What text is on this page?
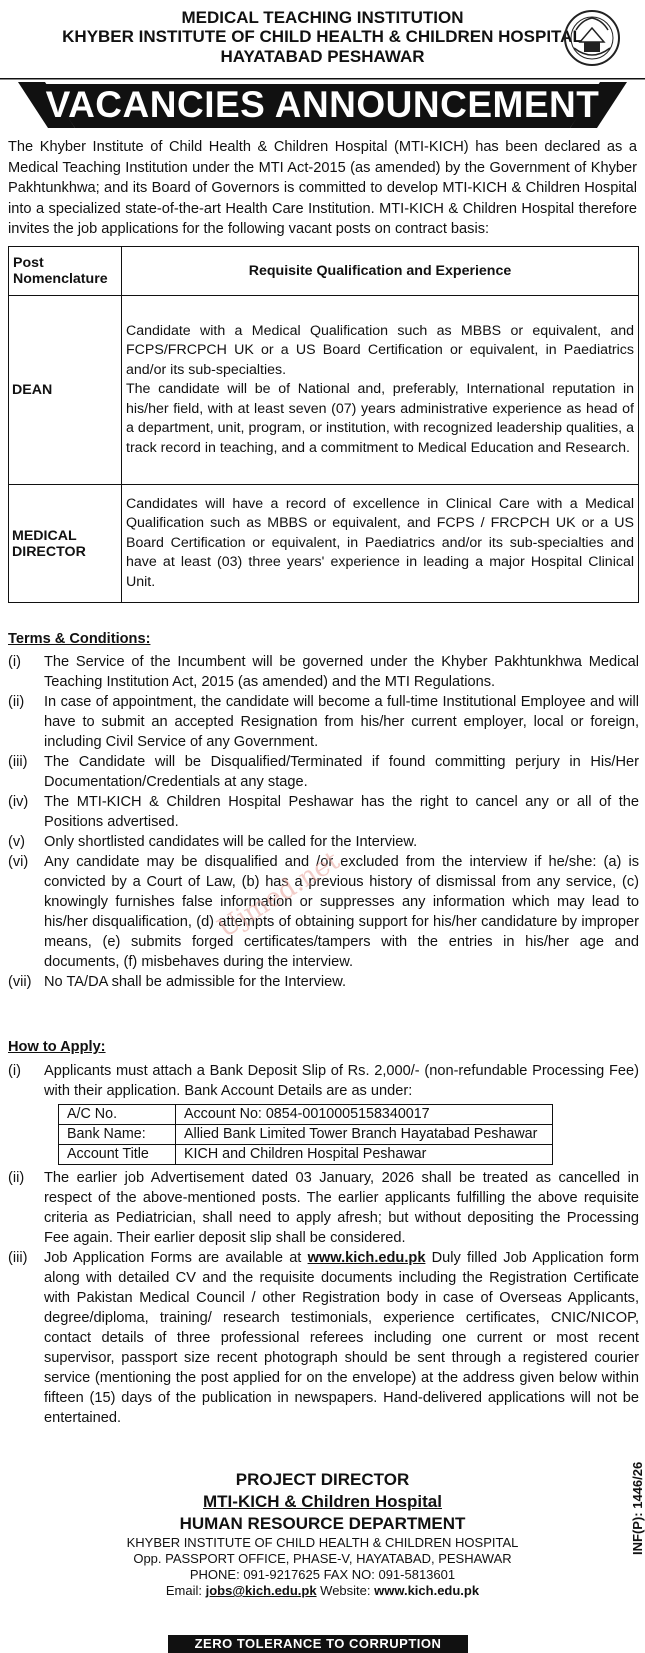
MEDICAL TEACHING INSTITUTION
KHYBER INSTITUTE OF CHILD HEALTH & CHILDREN HOSPITAL
HAYATABAD PESHAWAR
VACANCIES ANNOUNCEMENT
The Khyber Institute of Child Health & Children Hospital (MTI-KICH) has been declared as a Medical Teaching Institution under the MTI Act-2015 (as amended) by the Government of Khyber Pakhtunkhwa; and its Board of Governors is committed to develop MTI-KICH & Children Hospital into a specialized state-of-the-art Health Care Institution. MTI-KICH & Children Hospital therefore invites the job applications for the following vacant posts on contract basis:
Post
Nomenclature	Requisite Qualification and Experience
DEAN	Candidate with a Medical Qualification such as MBBS or equivalent, and FCPS/FRCPCH UK or a US Board Certification or equivalent, in Paediatrics and/or its sub-specialties.

The candidate will be of National and, preferably, International reputation in his/her field, with at least seven (07) years administrative experience as head of a department, unit, program, or institution, with recognized leadership qualities, a track record in teaching, and a commitment to Medical Education and Research.

MEDICAL
DIRECTOR	Candidates will have a record of excellence in Clinical Care with a Medical Qualification such as MBBS or equivalent, and FCPS / FRCPCH UK or a US Board Certification or equivalent, in Paediatrics and/or its sub-specialties and have at least (03) three years' experience in leading a major Hospital Clinical Unit.

Terms & Conditions:
(i)	The Service of the Incumbent will be governed under the Khyber Pakhtunkhwa Medical Teaching Institution Act, 2015 (as amended) and the MTI Regulations.
(ii)	In case of appointment, the candidate will become a full-time Institutional Employee and will have to submit an accepted Resignation from his/her current employer, local or foreign, including Civil Service of any Government.
(iii)	The Candidate will be Disqualified/Terminated if found committing perjury in His/Her Documentation/Credentials at any stage.
(iv)	The MTI-KICH & Children Hospital Peshawar has the right to cancel any or all of the Positions advertised.
(v)	Only shortlisted candidates will be called for the Interview.
(vi)	Any candidate may be disqualified and /or excluded from the interview if he/she: (a) is convicted by a Court of Law, (b) has a previous history of dismissal from any service, (c) knowingly furnishes false information or suppresses any information which may lead to his/her disqualification, (d) attempts of obtaining support for his/her candidature by improper means, (e) submits forged certificates/tampers with the entries in his/her age and documents, (f) misbehaves during the interview.
(vii) No TA/DA shall be admissible for the Interview.
Ujmed.net
How to Apply:
(i)	Applicants must attach a Bank Deposit Slip of Rs. 2,000/- (non-refundable Processing Fee) with their application. Bank Account Details are as under:
A/C No.	Account No: 0854-0010005158340017
Bank Name:	Allied Bank Limited Tower Branch Hayatabad Peshawar
Account Title	KICH and Children Hospital Peshawar
(ii)	The earlier job Advertisement dated 03 January, 2026 shall be treated as cancelled in respect of the above-mentioned posts. The earlier applicants fulfilling the above requisite criteria as Pediatrician, shall need to apply afresh; but without depositing the Processing Fee again. Their earlier deposit slip shall be considered.
(iii)	Job Application Forms are available at www.kich.edu.pk Duly filled Job Application form along with detailed CV and the requisite documents including the Registration Certificate with Pakistan Medical Council / other Registration body in case of Overseas Applicants, degree/diploma, training/ research testimonials, experience certificates, CNIC/NICOP, contact details of three professional referees including one current or most recent supervisor, passport size recent photograph should be sent through a registered courier service (mentioning the post applied for on the envelope) at the address given below within fifteen (15) days of the publication in newspapers. Hand-delivered applications will not be entertained.
PROJECT DIRECTOR
MTI-KICH & Children Hospital
HUMAN RESOURCE DEPARTMENT
KHYBER INSTITUTE OF CHILD HEALTH & CHILDREN HOSPITAL
Opp. PASSPORT OFFICE, PHASE-V, HAYATABAD, PESHAWAR
PHONE: 091-9217625 FAX NO: 091-5813601
Email: jobs@kich.edu.pk Website: www.kich.edu.pk
ZERO TOLERANCE TO CORRUPTION
INF(P): 1446/26
